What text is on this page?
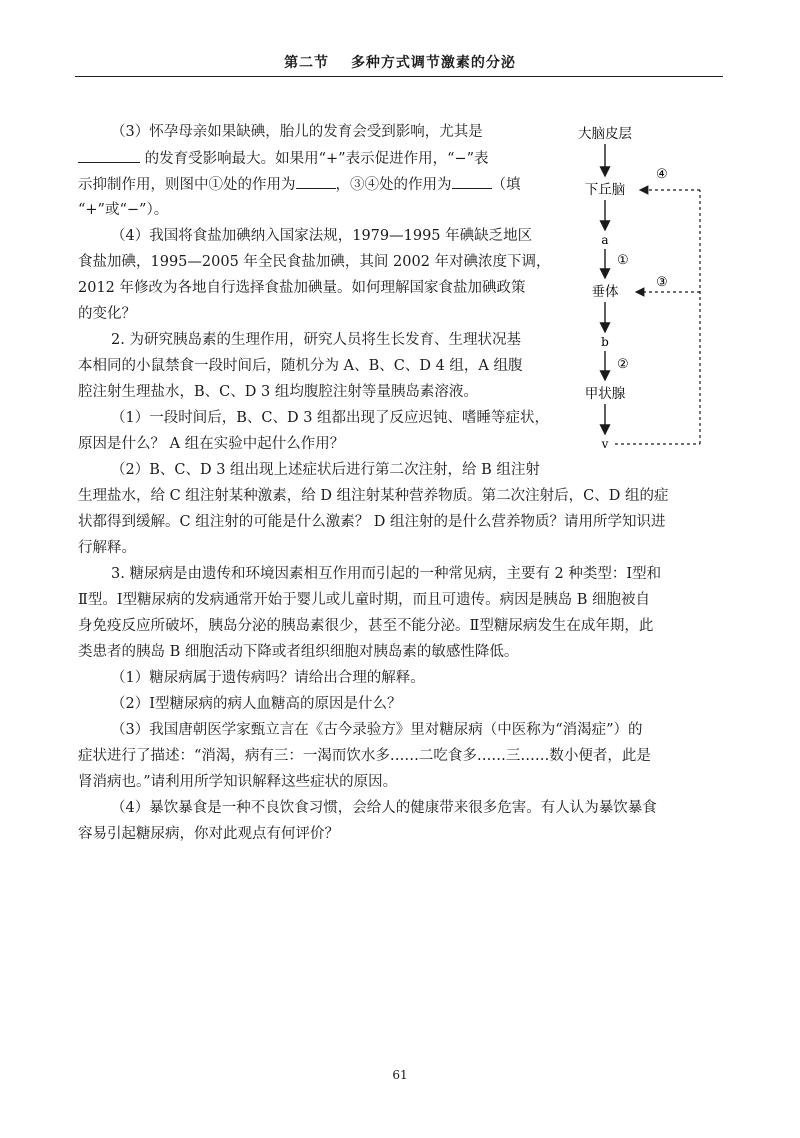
第二节 多种方式调节激素的分泌
（3）怀孕母亲如果缺碘，胎儿的发育会受到影响，尤其是
的发育受影响最大。如果用“+”表示促进作用，“−”表
示抑制作用，则图中①处的作用为	，③④处的作用为	（填
“+”或“−”）。
（4）我国将食盐加碘纳入国家法规，1979—1995 年碘缺乏地区
食盐加碘，1995—2005 年全民食盐加碘，其间 2002 年对碘浓度下调，
2012 年修改为各地自行选择食盐加碘量。如何理解国家食盐加碘政策
的变化？
2. 为研究胰岛素的生理作用，研究人员将生长发育、生理状况基
本相同的小鼠禁食一段时间后，随机分为 A、B、C、D 4 组，A 组腹
腔注射生理盐水，B、C、D 3 组均腹腔注射等量胰岛素溶液。
（1）一段时间后，B、C、D 3 组都出现了反应迟钝、嗜睡等症状，
原因是什么？ A 组在实验中起什么作用？
（2）B、C、D 3 组出现上述症状后进行第二次注射，给 B 组注射
生理盐水，给 C 组注射某种激素，给 D 组注射某种营养物质。第二次注射后，C、D 组的症
状都得到缓解。C 组注射的可能是什么激素？ D 组注射的是什么营养物质？请用所学知识进
行解释。
3. 糖尿病是由遗传和环境因素相互作用而引起的一种常见病，主要有 2 种类型：Ⅰ型和
Ⅱ型。Ⅰ型糖尿病的发病通常开始于婴儿或儿童时期，而且可遗传。病因是胰岛 B 细胞被自
身免疫反应所破坏，胰岛分泌的胰岛素很少，甚至不能分泌。Ⅱ型糖尿病发生在成年期，此
类患者的胰岛 B 细胞活动下降或者组织细胞对胰岛素的敏感性降低。
（1）糖尿病属于遗传病吗？请给出合理的解释。
（2）Ⅰ型糖尿病的病人血糖高的原因是什么？
（3）我国唐朝医学家甄立言在《古今录验方》里对糖尿病（中医称为“消渴症”）的
症状进行了描述：“消渴，病有三：一渴而饮水多……二吃食多……三……数小便者，此是
肾消病也。”请利用所学知识解释这些症状的原因。
（4）暴饮暴食是一种不良饮食习惯，会给人的健康带来很多危害。有人认为暴饮暴食
容易引起糖尿病，你对此观点有何评价？
大脑皮层
下丘脑
a
①
垂体
b
②
甲状腺
v
③
④
61
